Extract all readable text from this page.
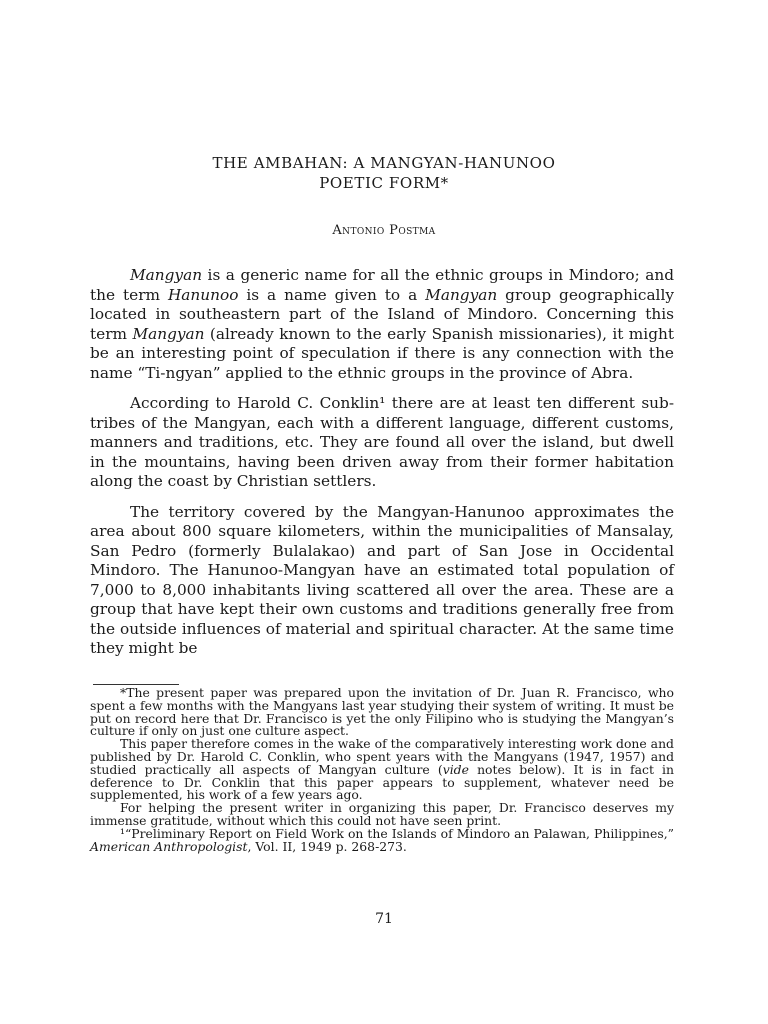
THE AMBAHAN: A MANGYAN-HANUNOO
POETIC FORM*
Antonio Postma

Mangyan is a generic name for all the ethnic groups in Mindoro; and the term Hanunoo is a name given to a Mangyan group geographically located in southeastern part of the Island of Mindoro. Concerning this term Mangyan (already known to the early Spanish missionaries), it might be an interesting point of speculation if there is any connection with the name “Ti-ngyan” applied to the ethnic groups in the province of Abra.

According to Harold C. Conklin¹ there are at least ten different sub-tribes of the Mangyan, each with a different language, different customs, manners and traditions, etc. They are found all over the island, but dwell in the mountains, having been driven away from their former habitation along the coast by Christian settlers.

The territory covered by the Mangyan-Hanunoo approximates the area about 800 square kilometers, within the municipalities of Mansalay, San Pedro (formerly Bulalakao) and part of San Jose in Occidental Mindoro. The Hanunoo-Mangyan have an estimated total population of 7,000 to 8,000 inhabitants living scattered all over the area. These are a group that have kept their own customs and traditions generally free from the outside influences of material and spiritual character. At the same time they might be

*The present paper was prepared upon the invitation of Dr. Juan R. Francisco, who spent a few months with the Mangyans last year studying their system of writing. It must be put on record here that Dr. Francisco is yet the only Filipino who is studying the Mangyan’s culture if only on just one culture aspect.

This paper therefore comes in the wake of the comparatively interesting work done and published by Dr. Harold C. Conklin, who spent years with the Mangyans (1947, 1957) and studied practically all aspects of Mangyan culture (vide notes below). It is in fact in deference to Dr. Conklin that this paper appears to supplement, whatever need be supplemented, his work of a few years ago.

For helping the present writer in organizing this paper, Dr. Francisco deserves my immense gratitude, without which this could not have seen print.

¹“Preliminary Report on Field Work on the Islands of Mindoro an Palawan, Philippines,” American Anthropologist, Vol. II, 1949 p. 268-273.

71
